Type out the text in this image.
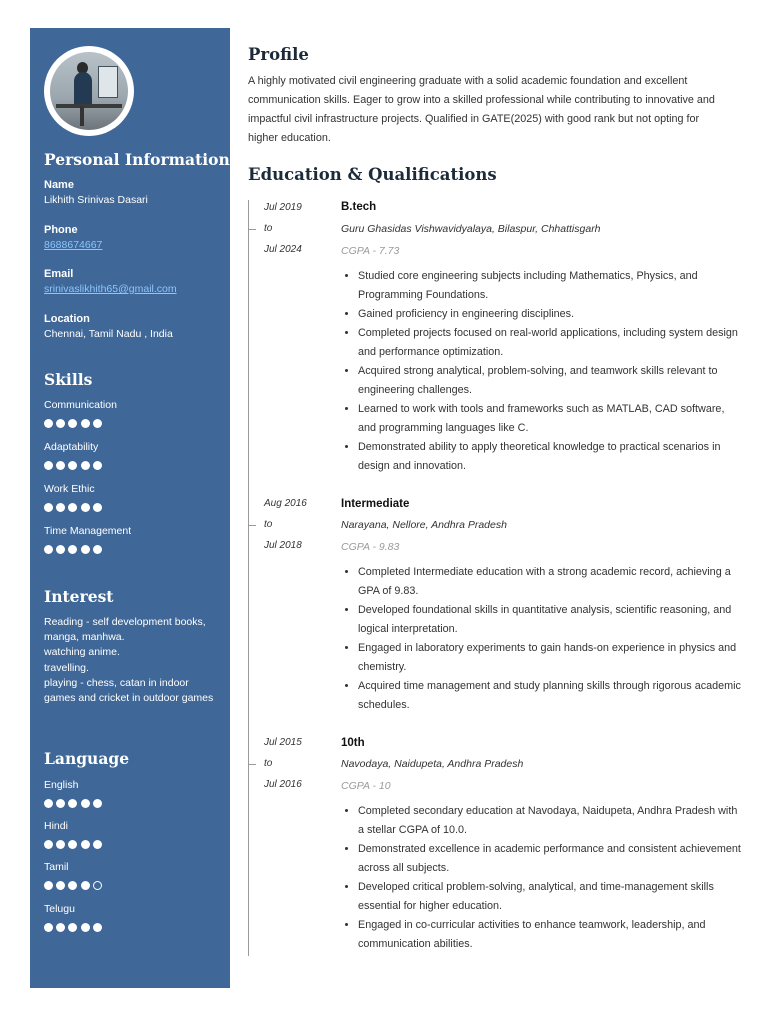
Personal Information

Name

Likhith Srinivas Dasari

Phone

8688674667

Email

srinivaslikhith65@gmail.com

Location

Chennai, Tamil Nadu , India

Skills

Communication

Adaptability

Work Ethic

Time Management

Interest

Reading - self development books, manga, manhwa.
watching anime.
travelling.
playing - chess, catan in indoor games and cricket in outdoor games

Language

English

Hindi

Tamil

Telugu

Profile

A highly motivated civil engineering graduate with a solid academic foundation and excellent communication skills. Eager to grow into a skilled professional while contributing to innovative and impactful civil infrastructure projects. Qualified in GATE(2025) with good rank but not opting for higher education.

Education & Qualifications
Jul 2019
to
Jul 2024
B.tech
Guru Ghasidas Vishwavidyalaya, Bilaspur, Chhattisgarh
CGPA - 7.73
• Studied core engineering subjects including Mathematics, Physics, and Programming Foundations.
• Gained proficiency in engineering disciplines.
• Completed projects focused on real-world applications, including system design and performance optimization.
• Acquired strong analytical, problem-solving, and teamwork skills relevant to engineering challenges.
• Learned to work with tools and frameworks such as MATLAB, CAD software, and programming languages like C.
• Demonstrated ability to apply theoretical knowledge to practical scenarios in design and innovation.
Aug 2016
to
Jul 2018
Intermediate
Narayana, Nellore, Andhra Pradesh
CGPA - 9.83
• Completed Intermediate education with a strong academic record, achieving a GPA of 9.83.
• Developed foundational skills in quantitative analysis, scientific reasoning, and logical interpretation.
• Engaged in laboratory experiments to gain hands-on experience in physics and chemistry.
• Acquired time management and study planning skills through rigorous academic schedules.
Jul 2015
to
Jul 2016
10th
Navodaya, Naidupeta, Andhra Pradesh
CGPA - 10
• Completed secondary education at Navodaya, Naidupeta, Andhra Pradesh with a stellar CGPA of 10.0.
• Demonstrated excellence in academic performance and consistent achievement across all subjects.
• Developed critical problem-solving, analytical, and time-management skills essential for higher education.
• Engaged in co-curricular activities to enhance teamwork, leadership, and communication abilities.
